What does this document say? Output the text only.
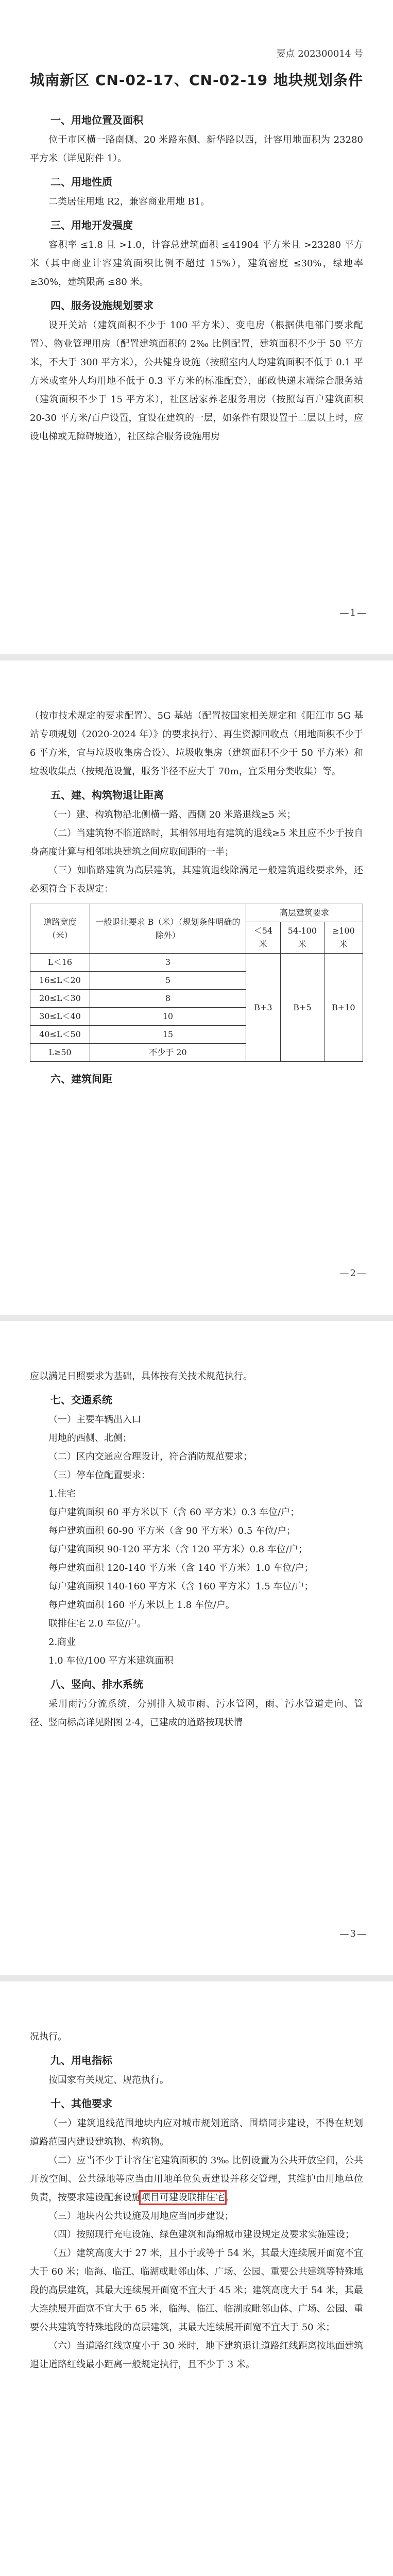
要点 202300014 号
城南新区 CN-02-17、CN-02-19 地块规划条件
一、用地位置及面积

位于市区横一路南侧、20 米路东侧、新华路以西，计容用地面积为 23280 平方米（详见附件 1）。

二、用地性质

二类居住用地 R2，兼容商业用地 B1。

三、用地开发强度

容积率 ≤1.8 且 >1.0，计容总建筑面积 ≤41904 平方米且 >23280 平方米（其中商业计容建筑面积比例不超过 15%），建筑密度 ≤30%，绿地率 ≥30%，建筑限高 ≤80 米。

四、服务设施规划要求

设开关站（建筑面积不少于 100 平方米）、变电房（根据供电部门要求配置）、物业管理用房（配置建筑面积的 2‰ 比例配置，建筑面积不少于 50 平方米，不大于 300 平方米），公共健身设施（按照室内人均建筑面积不低于 0.1 平方米或室外人均用地不低于 0.3 平方米的标准配套），邮政快递末端综合服务站（建筑面积不少于 15 平方米），社区居家养老服务用房（按照每百户建筑面积 20-30 平方米/百户设置，宜设在建筑的一层，如条件有限设置于二层以上时，应设电梯或无障碍坡道），社区综合服务设施用房

—1—

（按市技术规定的要求配置）、5G 基站（配置按国家相关规定和《阳江市 5G 基站专项规划（2020-2024 年）》的要求执行）、再生资源回收点（用地面积不少于 6 平方米，宜与垃圾收集房合设）、垃圾收集房（建筑面积不少于 50 平方米）和垃圾收集点（按规范设置，服务半径不应大于 70m，宜采用分类收集）等。

五、建、构筑物退让距离

（一）建、构筑物沿北侧横一路、西侧 20 米路退线≥5 米；

（二）当建筑物不临道路时，其相邻用地有建筑的退线≥5 米且应不少于按自身高度计算与相邻地块建筑之间应取间距的一半；

（三）如临路建筑为高层建筑，其建筑退线除满足一般建筑退线要求外，还必须符合下表规定：

道路宽度（米）	一般退让要求 B（米）（规划条件明确的除外）	高层建筑要求		
		＜54 米	54-100 米	≥100 米
L＜16	3	B+3	B+5	B+10
16≤L＜20	5			
20≤L＜30	8			
30≤L＜40	10			
40≤L＜50	15			
L≥50	不少于 20			
六、建筑间距
—2—

应以满足日照要求为基础，具体按有关技术规范执行。

七、交通系统

（一）主要车辆出入口

用地的西侧、北侧；

（二）区内交通应合理设计，符合消防规范要求；

（三）停车位配置要求：

1.住宅

每户建筑面积 60 平方米以下（含 60 平方米）0.3 车位/户；

每户建筑面积 60-90 平方米（含 90 平方米）0.5 车位/户；

每户建筑面积 90-120 平方米（含 120 平方米）0.8 车位/户；

每户建筑面积 120-140 平方米（含 140 平方米）1.0 车位/户；

每户建筑面积 140-160 平方米（含 160 平方米）1.5 车位/户；

每户建筑面积 160 平方米以上 1.8 车位/户。

联排住宅 2.0 车位/户。

2.商业

1.0 车位/100 平方米建筑面积

八、竖向、排水系统

采用雨污分流系统，分别排入城市雨、污水管网，雨、污水管道走向、管径、竖向标高详见附图 2-4，已建成的道路按现状情

—3—

况执行。

九、用电指标

按国家有关规定、规范执行。

十、其他要求

（一）建筑退线范围地块内应对城市规划道路、围墙同步建设，不得在规划道路范围内建设建筑物、构筑物。

（二）应当不少于计容住宅建筑面积的 3‰ 比例设置为公共开放空间，公共开放空间、公共绿地等应当由用地单位负责建设并移交管理，其维护由用地单位负责，按要求建设配套设施项目可建设联排住宅。

（三）地块内公共设施及用地应当同步建设；

（四）按照现行充电设施、绿色建筑和海绵城市建设规定及要求实施建设；

（五）建筑高度大于 27 米，且小于或等于 54 米，其最大连续展开面宽不宜大于 60 米；临海、临江、临湖或毗邻山体、广场、公园、重要公共建筑等特殊地段的高层建筑，其最大连续展开面宽不宜大于 45 米；建筑高度大于 54 米，其最大连续展开面宽不宜大于 65 米，临海、临江、临湖或毗邻山体、广场、公园、重要公共建筑等特殊地段的高层建筑，其最大连续展开面宽不宜大于 50 米；

（六）当道路红线宽度小于 30 米时，地下建筑退让道路红线距离按地面建筑退让道路红线最小距离一般规定执行，且不少于 3 米。
